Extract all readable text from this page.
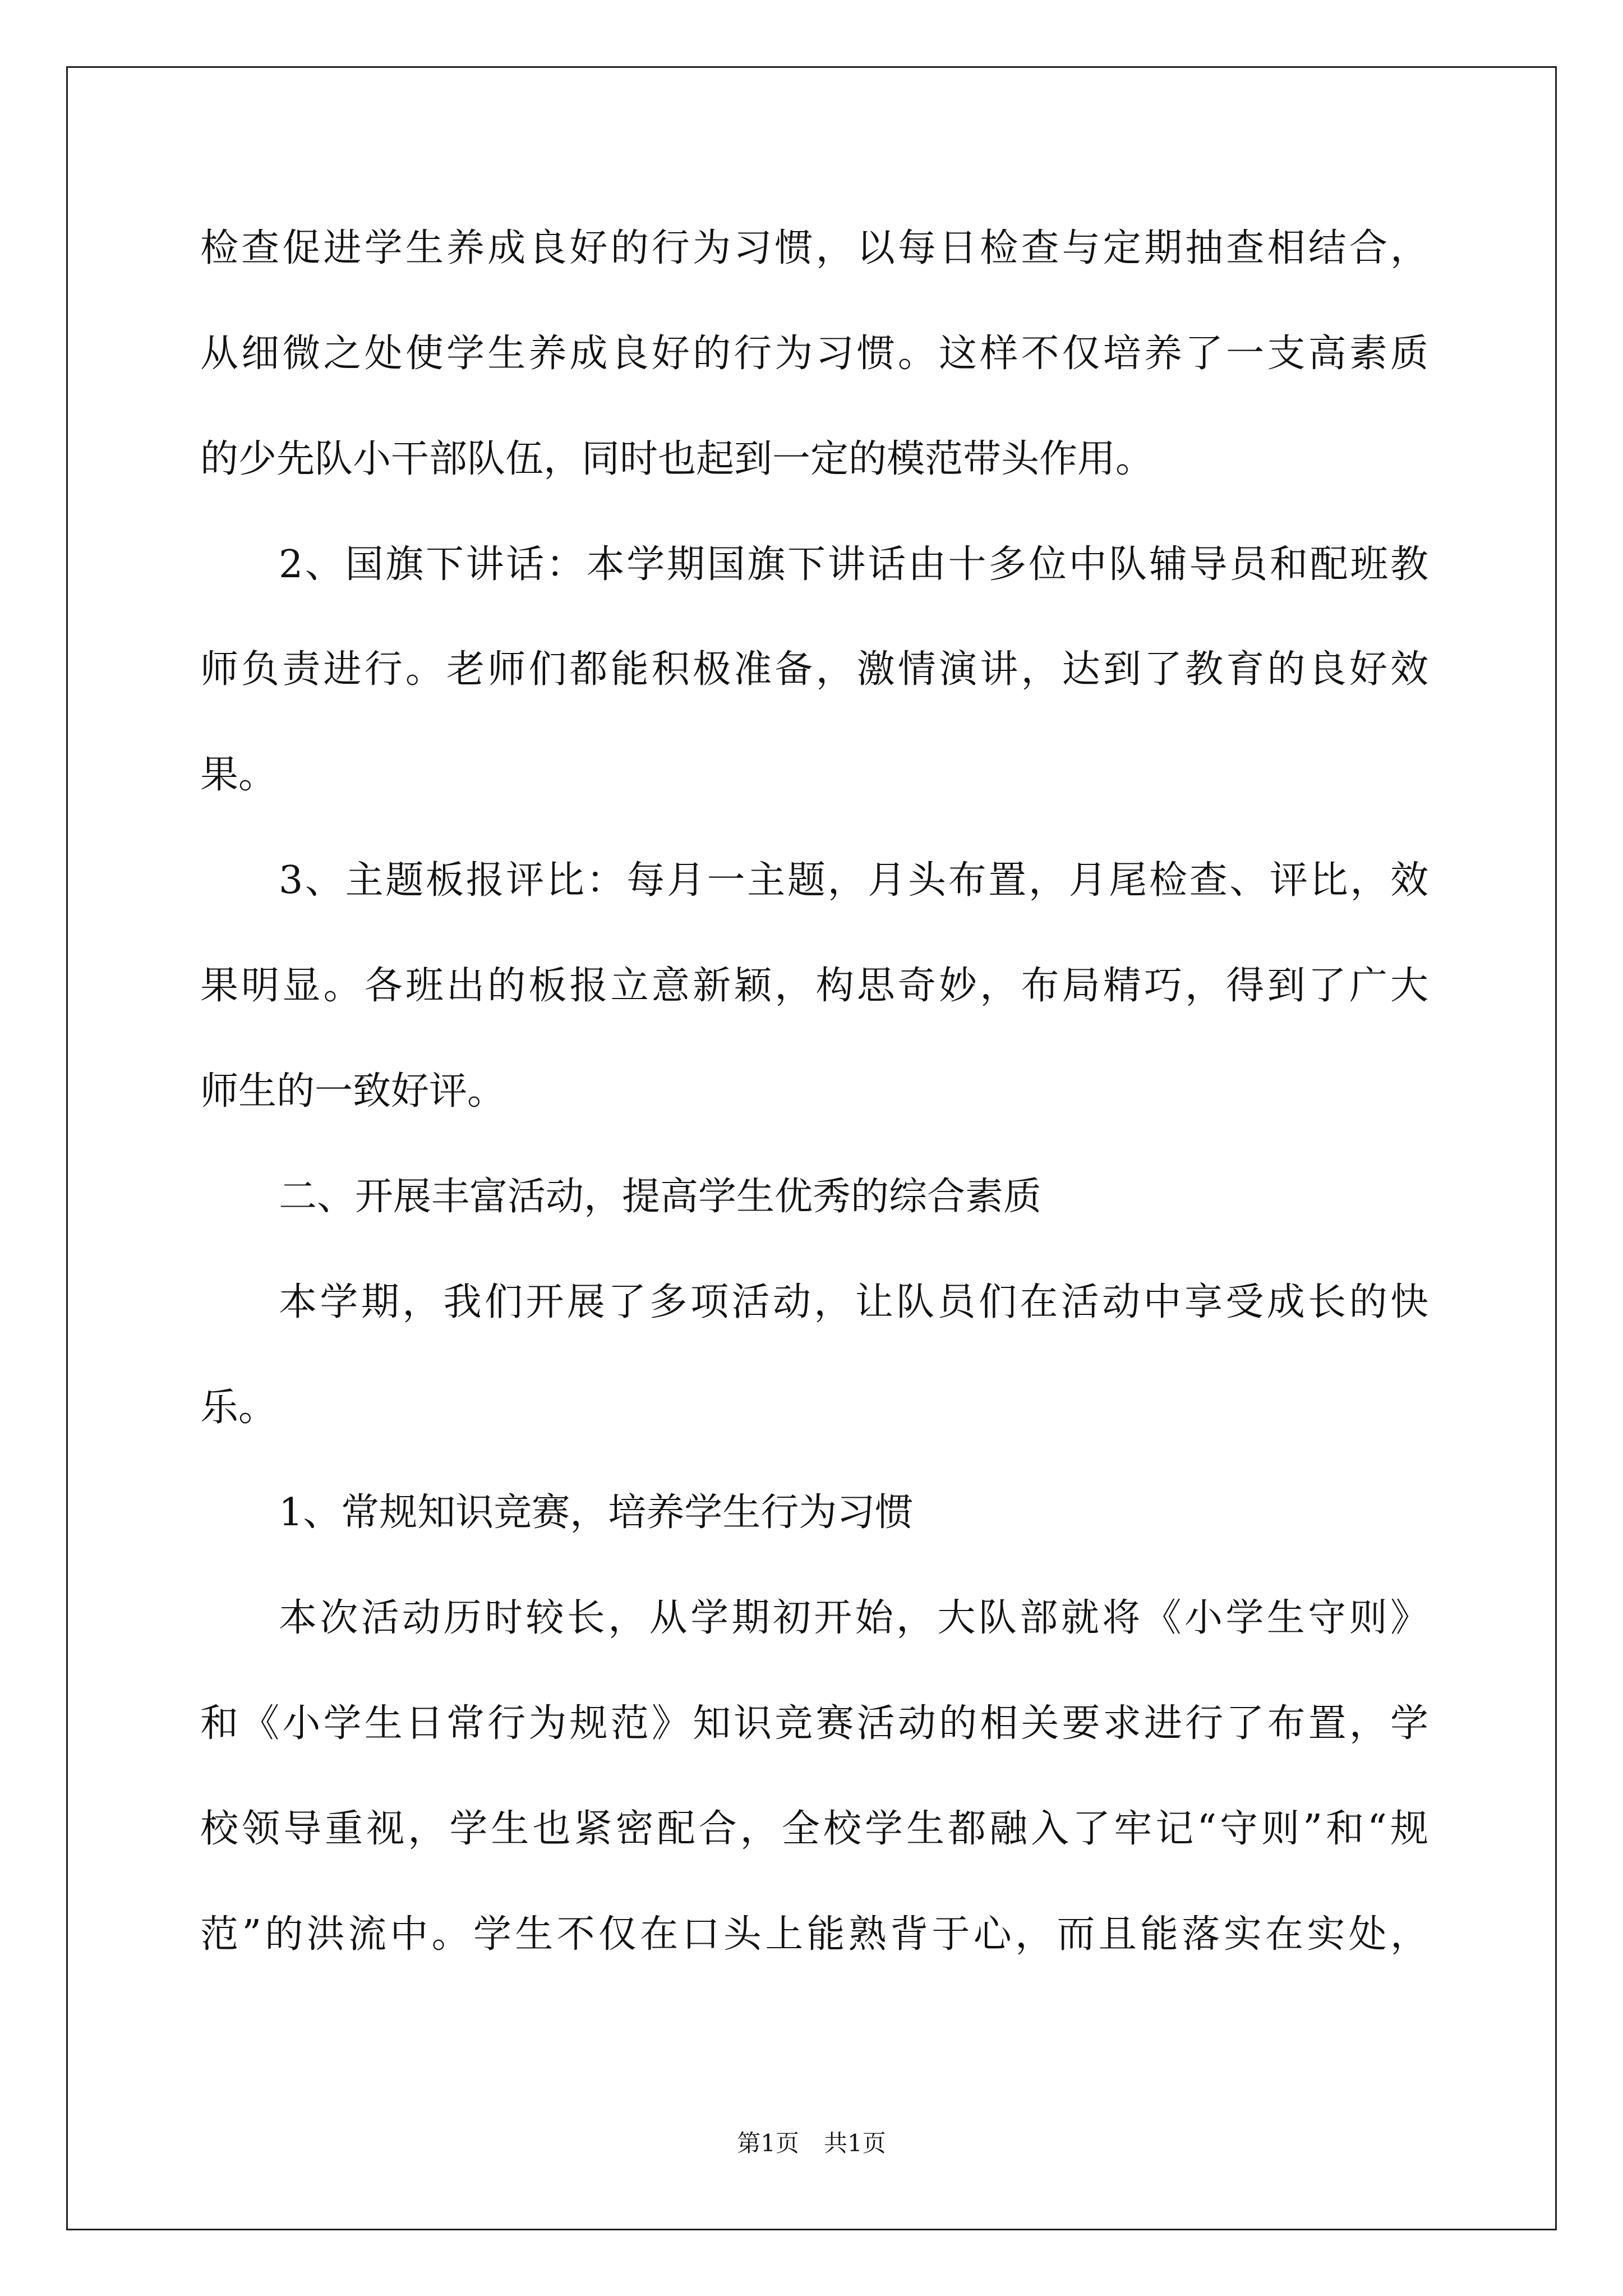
检查促进学生养成良好的行为习惯，以每日检查与定期抽查相结合，
从细微之处使学生养成良好的行为习惯。这样不仅培养了一支高素质
的少先队小干部队伍，同时也起到一定的模范带头作用。
2、国旗下讲话：本学期国旗下讲话由十多位中队辅导员和配班教
师负责进行。老师们都能积极准备，激情演讲，达到了教育的良好效
果。
3、主题板报评比：每月一主题，月头布置，月尾检查、评比，效
果明显。各班出的板报立意新颖，构思奇妙，布局精巧，得到了广大
师生的一致好评。
二、开展丰富活动，提高学生优秀的综合素质
本学期，我们开展了多项活动，让队员们在活动中享受成长的快
乐。
1、常规知识竞赛，培养学生行为习惯
本次活动历时较长，从学期初开始，大队部就将《小学生守则》
和《小学生日常行为规范》知识竞赛活动的相关要求进行了布置，学
校领导重视，学生也紧密配合，全校学生都融入了牢记“守则”和“规
范”的洪流中。学生不仅在口头上能熟背于心，而且能落实在实处，
第1页 共1页
